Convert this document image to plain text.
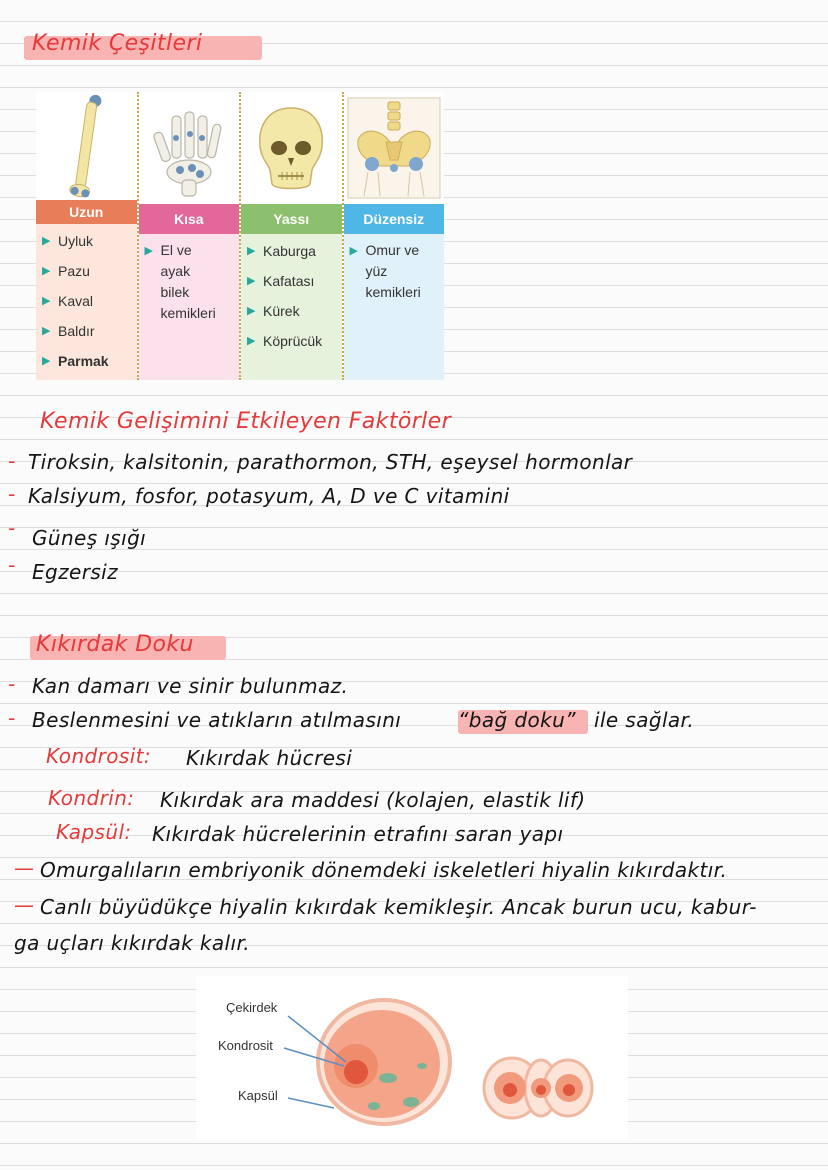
Kemik Çeşitleri
Uzun
▶ Uyluk
▶ Pazu
▶ Kaval
▶ Baldır
▶ Parmak
Kısa
▶ El ve ayak bilek kemikleri
Yassı
▶ Kaburga
▶ Kafatası
▶ Kürek
▶ Köprücük
Düzensiz
▶ Omur ve yüz kemikleri
Kemik Gelişimini Etkileyen Faktörler
- Tiroksin, kalsitonin, parathormon, STH, eşeysel hormonlar
- Kalsiyum, fosfor, potasyum, A, D ve C vitamini
- Güneş ışığı
- Egzersiz
Kıkırdak Doku
- Kan damarı ve sinir bulunmaz.
- Beslenmesini ve atıkların atılmasını	“bağ doku” ile sağlar.
Kondrosit: Kıkırdak hücresi
Kondrin: Kıkırdak ara maddesi (kolajen, elastik lif)
Kapsül: Kıkırdak hücrelerinin etrafını saran yapı
— Omurgalıların embriyonik dönemdeki iskeletleri hiyalin kıkırdaktır.
— Canlı büyüdükçe hiyalin kıkırdak kemikleşir. Ancak burun ucu, kabur-
ga uçları kıkırdak kalır.
Çekirdek
Kondrosit
Kapsül
